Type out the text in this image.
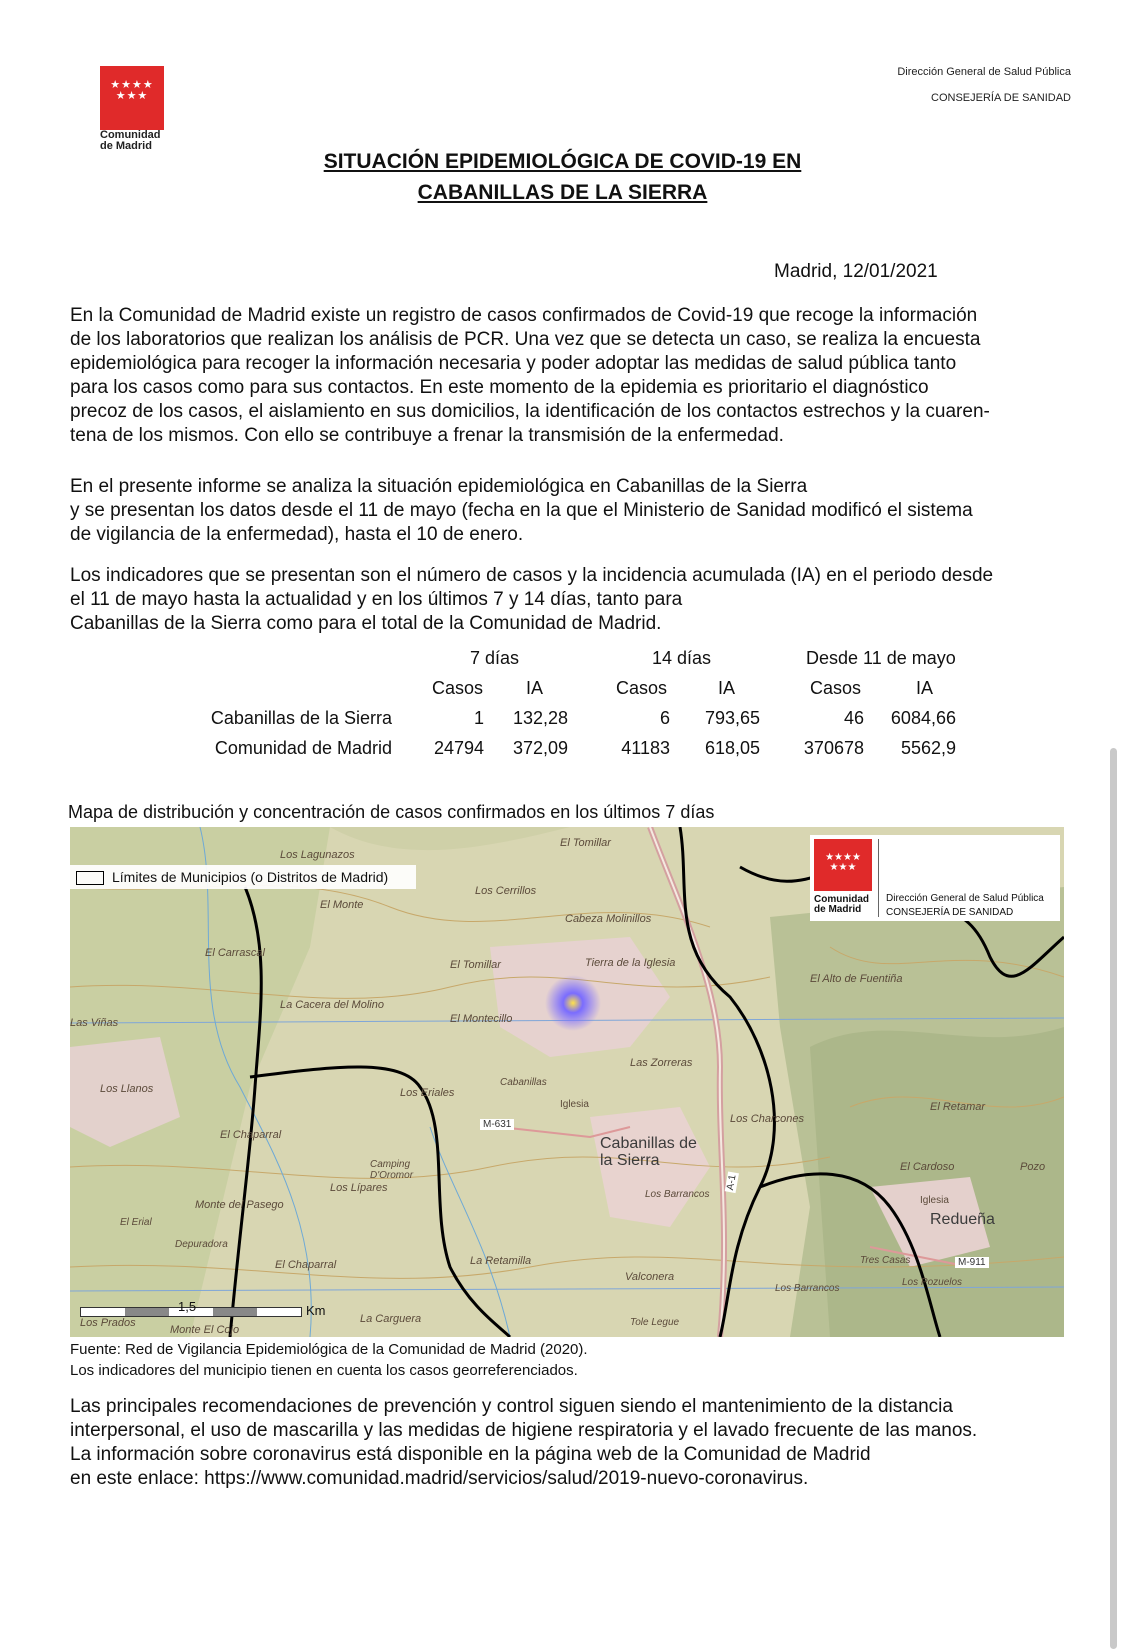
★★★★
★★★
Comunidad
de Madrid
Dirección General de Salud Pública
CONSEJERÍA DE SANIDAD
SITUACIÓN EPIDEMIOLÓGICA DE COVID-19 EN
CABANILLAS DE LA SIERRA
Madrid, 12/01/2021
En la Comunidad de Madrid existe un registro de casos confirmados de Covid-19 que recoge la información
de los laboratorios que realizan los análisis de PCR. Una vez que se detecta un caso, se realiza la encuesta
epidemiológica para recoger la información necesaria y poder adoptar las medidas de salud pública tanto
para los casos como para sus contactos. En este momento de la epidemia es prioritario el diagnóstico
precoz de los casos, el aislamiento en sus domicilios, la identificación de los contactos estrechos y la cuaren-
tena de los mismos. Con ello se contribuye a frenar la transmisión de la enfermedad.
En el presente informe se analiza la situación epidemiológica en Cabanillas de la Sierra
y se presentan los datos desde el 11 de mayo (fecha en la que el Ministerio de Sanidad modificó el sistema
de vigilancia de la enfermedad), hasta el 10 de enero.
Los indicadores que se presentan son el número de casos y la incidencia acumulada (IA) en el periodo desde
el 11 de mayo hasta la actualidad y en los últimos 7 y 14 días, tanto para
Cabanillas de la Sierra como para el total de la Comunidad de Madrid.
7 días	14 días	Desde 11 de mayo
Casos IA	Casos	IA	Casos	IA
Cabanillas de la Sierra	1	132,28	6	793,65	46	6084,66
Comunidad de Madrid	24794	372,09	41183	618,05	370678	5562,9
Mapa de distribución y concentración de casos confirmados en los últimos 7 días
El Tomillar
Los Lagunazos
El Monte
Los Cerrillos
Cabeza Molinillos
El Carrascal
El Tomillar	Tierra de la Iglesia
La Cacera del Molino
El Montecillo
El Alto de Fuentiña
Las Viñas
Los Llanos
Cabanillas
Las Zorreras
Los Eriales
Iglesia
M-631
El Chaparral
Los Charcones
El Retamar
Cabanillas de la Sierra
Camping D'Oromor
Los Lípares
Los Barrancos
El Cardoso	Pozo
Monte del Pasego	Iglesia
Redueña
El Erial
Depuradora
El Chaparral	La Retamilla	Tres Casas
Los Pozuelos
M-911
Valconera
Los Barrancos
La Carguera
Los Prados
Monte El Cojo
Tole Legue
A-1
Límites de Municipios (o Distritos de Madrid)
★★★★
★★★
Comunidad
de Madrid
Dirección General de Salud Pública
CONSEJERÍA DE SANIDAD
1,5	Km
Fuente: Red de Vigilancia Epidemiológica de la Comunidad de Madrid (2020).
Los indicadores del municipio tienen en cuenta los casos georreferenciados.
Las principales recomendaciones de prevención y control siguen siendo el mantenimiento de la distancia
interpersonal, el uso de mascarilla y las medidas de higiene respiratoria y el lavado frecuente de las manos.
La información sobre coronavirus está disponible en la página web de la Comunidad de Madrid
en este enlace: https://www.comunidad.madrid/servicios/salud/2019-nuevo-coronavirus.
